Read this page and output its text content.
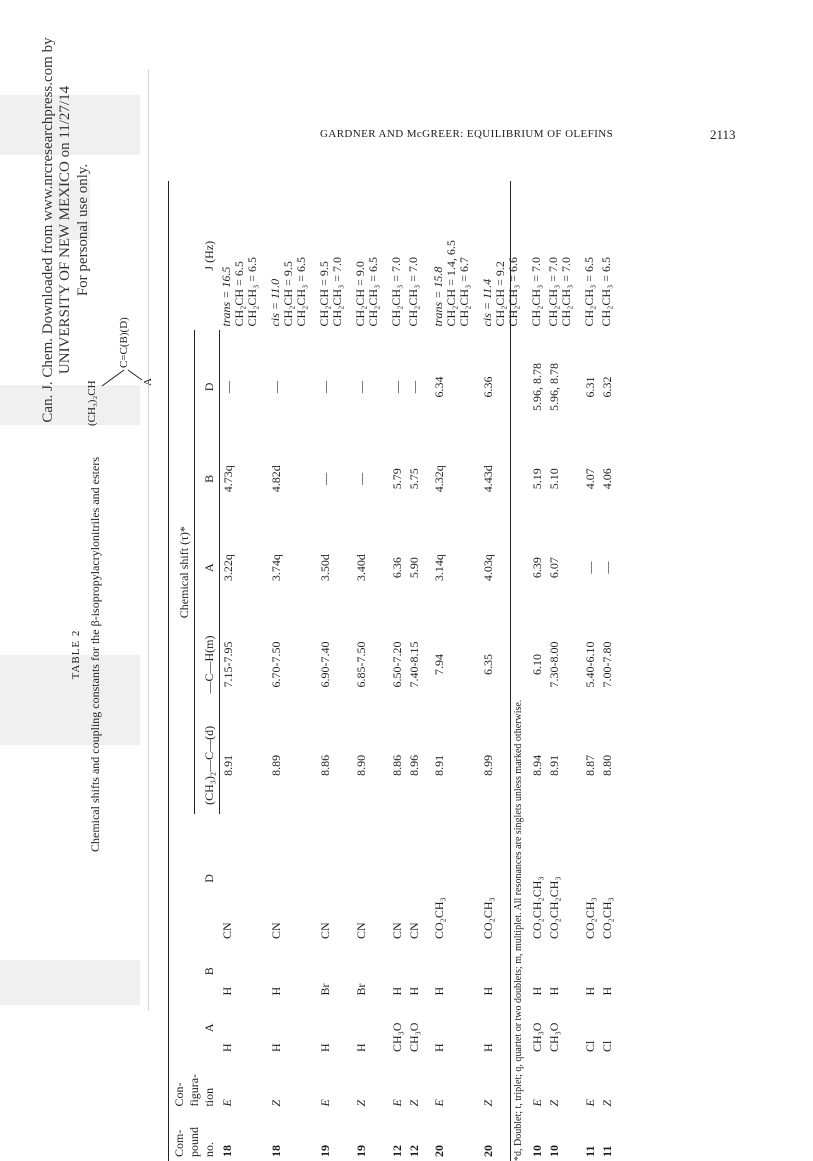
Can. J. Chem. Downloaded from www.nrcresearchpress.com by UNIVERSITY OF NEW MEXICO on 11/27/14 For personal use only.
GARDNER AND McGREER: EQUILIBRIUM OF OLEFINS	2113
TABLE 2 Chemical shifts and coupling constants for the β-isopropylacrylonitriles and esters
(CH₃)₂CH
C=C(B)(D)
A
Com- pound no.	Con- figura- tion	A	B	D	Chemical shift (τ)*						J (Hz)
					(CH₃)₂—C—(d)	—C—H(m)	A	B	D		
18	E	H	H	CN	8.91	7.15-7.95	3.22q	4.73q	—		trans = 16.5 CH₂CH = 6.5 CH₂CH₃ = 6.5

18	Z	H	H	CN	8.89	6.70-7.50	3.74q	4.82d	—		cis = 11.0 CH₂CH = 9.5 CH₂CH₃ = 6.5

19	E	H	Br	CN	8.86	6.90-7.40	3.50d	—	—		CH₂CH = 9.5 CH₂CH₃ = 7.0

19	Z	H	Br	CN	8.90	6.85-7.50	3.40d	—	—		CH₂CH = 9.0 CH₂CH₃ = 6.5

12	E	CH₃O	H	CN	8.86	6.50-7.20	6.36	5.79	—		CH₂CH₃ = 7.0

12	Z	CH₃O	H	CN	8.96	7.40-8.15	5.90	5.75	—		CH₂CH₃ = 7.0

20	E	H	H	CO₂CH₃	8.91	7.94	3.14q	4.32q	6.34		trans = 15.8 CH₂CH = 1.4, 6.5 CH₂CH₃ = 6.7

20	Z	H	H	CO₂CH₃	8.99	6.35	4.03q	4.43d	6.36		cis = 11.4 CH₂CH = 9.2 CH₂CH₃ = 6.6

10	E	CH₃O	H	CO₂CH₂CH₃	8.94	6.10	6.39	5.19	5.96, 8.78		CH₂CH₃ = 7.0

10	Z	CH₃O	H	CO₂CH₂CH₃	8.91	7.30-8.00	6.07	5.10	5.96, 8.78		CH₂CH₃ = 7.0 CH₂CH₃ = 7.0

11	E	Cl	H	CO₂CH₃	8.87	5.40-6.10	—	4.07	6.31		CH₂CH₃ = 6.5

11	Z	Cl	H	CO₂CH₃	8.80	7.00-7.80	—	4.06	6.32		CH₂CH₃ = 6.5
*d, Doublet; t, triplet; q, quartet or two doublets; m, multiplet. All resonances are singlets unless marked otherwise.
